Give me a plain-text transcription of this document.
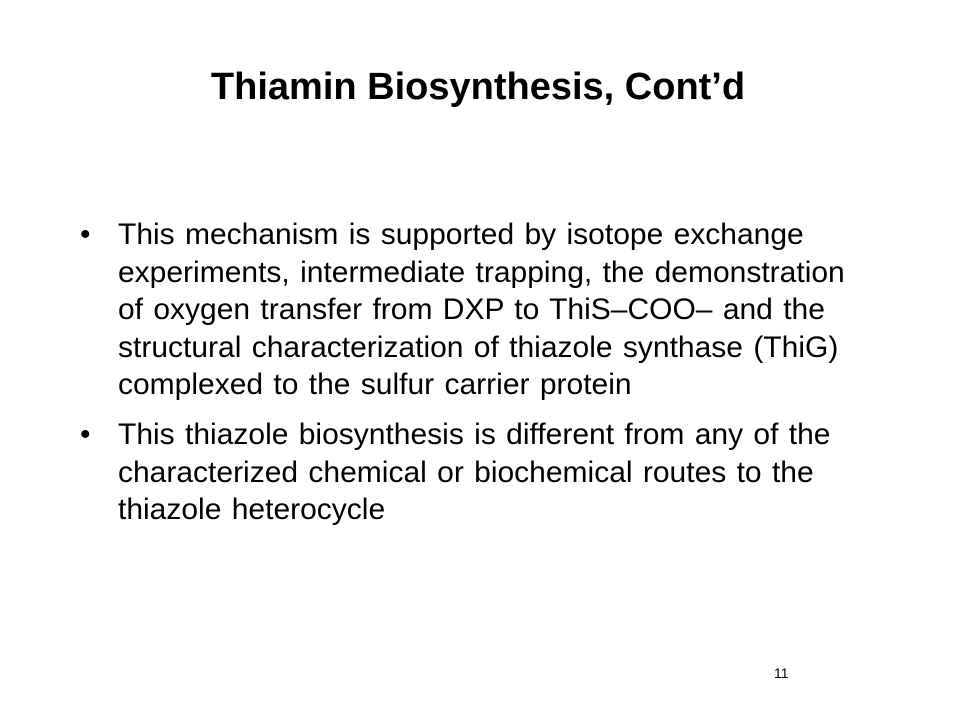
Thiamin Biosynthesis, Cont’d
• This mechanism is supported by isotope exchange experiments, intermediate trapping, the demonstration of oxygen transfer from DXP to ThiS–COO– and the structural characterization of thiazole synthase (ThiG) complexed to the sulfur carrier protein
• This thiazole biosynthesis is different from any of the characterized chemical or biochemical routes to the thiazole heterocycle
11
